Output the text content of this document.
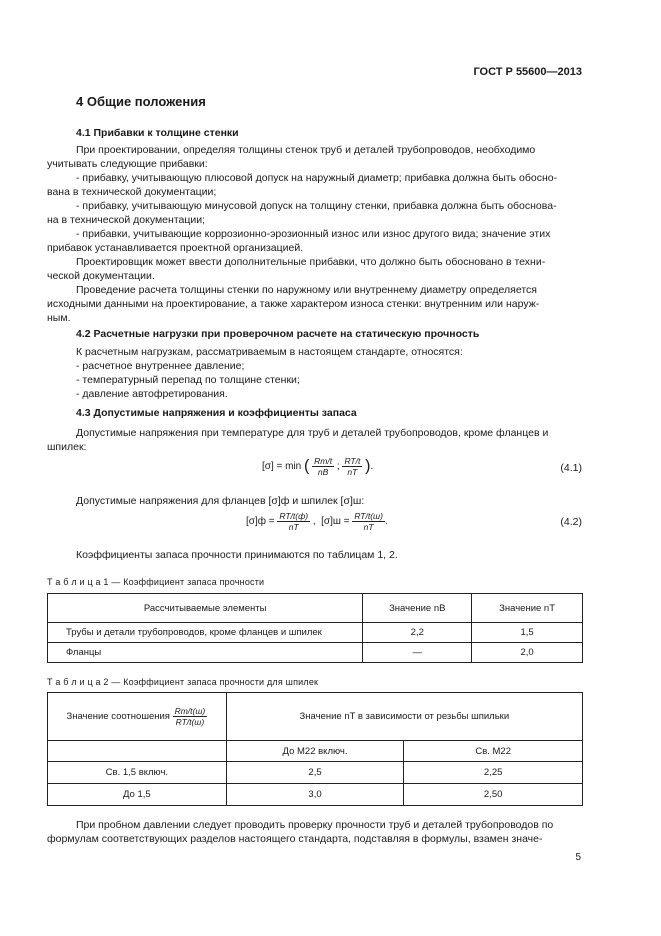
ГОСТ Р 55600—2013
4 Общие положения
4.1 Прибавки к толщине стенки
При проектировании, определяя толщины стенок труб и деталей трубопроводов, необходимо
учитывать следующие прибавки:
- прибавку, учитывающую плюсовой допуск на наружный диаметр; прибавка должна быть обосно-
вана в технической документации;
- прибавку, учитывающую минусовой допуск на толщину стенки, прибавка должна быть обоснова-
на в технической документации;
- прибавки, учитывающие коррозионно-эрозионный износ или износ другого вида; значение этих
прибавок устанавливается проектной организацией.
Проектировщик может ввести дополнительные прибавки, что должно быть обосновано в техни-
ческой документации.
Проведение расчета толщины стенки по наружному или внутреннему диаметру определяется
исходными данными на проектирование, а также характером износа стенки: внутренним или наруж-
ным.
4.2 Расчетные нагрузки при проверочном расчете на статическую прочность
К расчетным нагрузкам, рассматриваемым в настоящем стандарте, относятся:
- расчетное внутреннее давление;
- температурный перепад по толщине стенки;
- давление автофретирования.
4.3 Допустимые напряжения и коэффициенты запаса
Допустимые напряжения при температуре для труб и деталей трубопроводов, кроме фланцев и
шпилек:
[σ] = min ( $\frac{Rm/t}{nB}$ ; $\frac{RT/t}{nT}$ ).	(4.1)
Допустимые напряжения для фланцев [σ]ф и шпилек [σ]ш:
$[\sigma]ф = \frac{RT/t(ф)}{nT}$ ,  $[\sigma]ш = \frac{RT/t(ш)}{nT}$ .	(4.2)
Коэффициенты запаса прочности принимаются по таблицам 1, 2.
Т а б л и ц а 1 — Коэффициент запаса прочности
Рассчитываемые элементы	Значение nB	Значение nT
Трубы и детали трубопроводов, кроме фланцев и шпилек	2,2	1,5
Фланцы	—	2,0
Т а б л и ц а 2 — Коэффициент запаса прочности для шпилек
Значение соотношения $\frac{Rm/t(ш)}{RT/t(ш)}$	Значение nT в зависимости от резьбы шпильки	
	До М22 включ.	Св. М22
Св. 1,5 включ.	2,5	2,25
До 1,5	3,0	2,50
При пробном давлении следует проводить проверку прочности труб и деталей трубопроводов по
формулам соответствующих разделов настоящего стандарта, подставляя в формулы, взамен значе-
5
